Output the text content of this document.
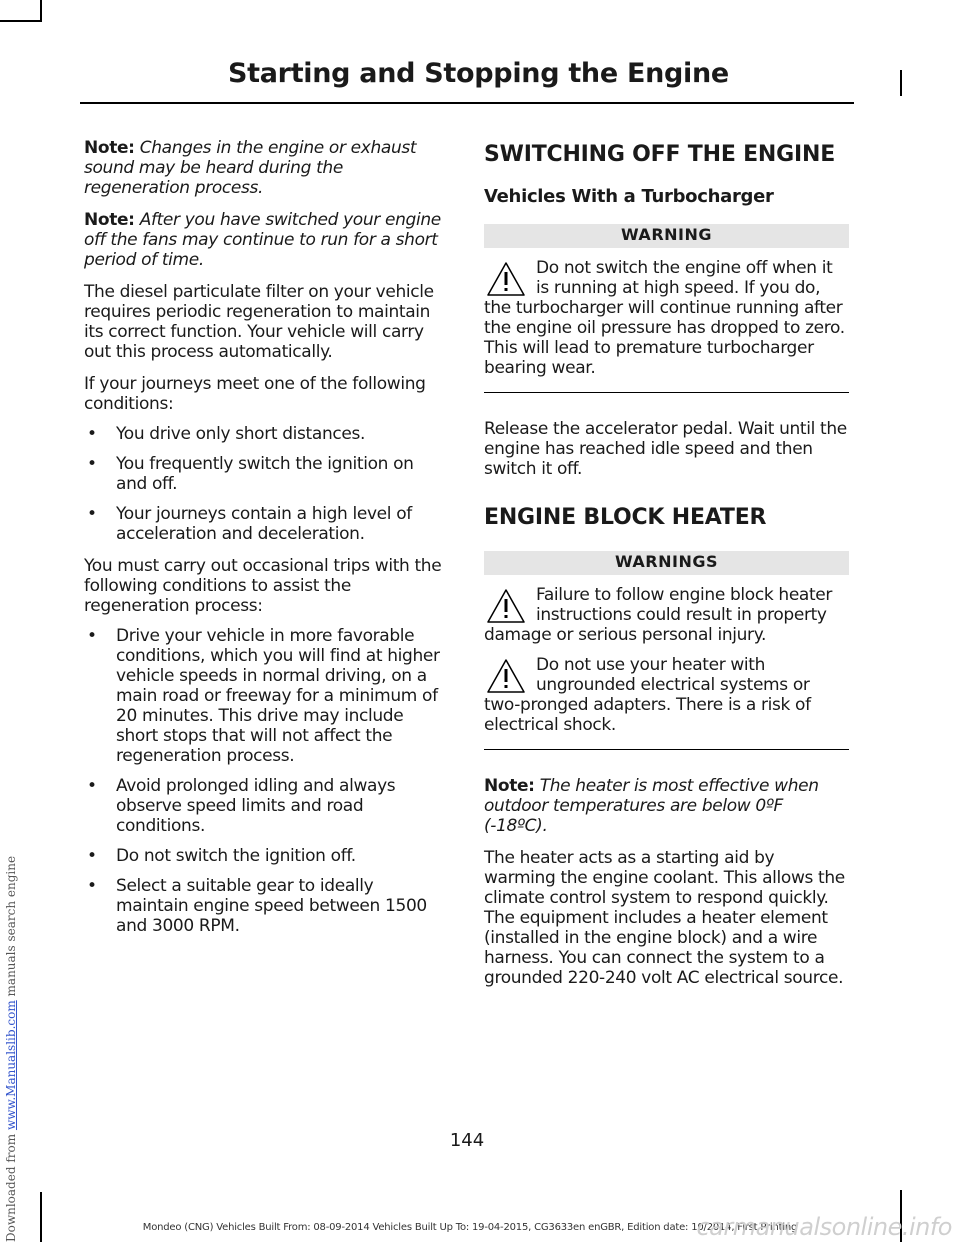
Starting and Stopping the Engine

Note: Changes in the engine or exhaust sound may be heard during the regeneration process.

Note: After you have switched your engine off the fans may continue to run for a short period of time.

The diesel particulate filter on your vehicle requires periodic regeneration to maintain its correct function. Your vehicle will carry out this process automatically.

If your journeys meet one of the following conditions:

• You drive only short distances.
• You frequently switch the ignition on and off.
• Your journeys contain a high level of acceleration and deceleration.

You must carry out occasional trips with the following conditions to assist the regeneration process:

• Drive your vehicle in more favorable conditions, which you will find at higher vehicle speeds in normal driving, on a main road or freeway for a minimum of 20 minutes. This drive may include short stops that will not affect the regeneration process.
• Avoid prolonged idling and always observe speed limits and road conditions.
• Do not switch the ignition off.
• Select a suitable gear to ideally maintain engine speed between 1500 and 3000 RPM.
SWITCHING OFF THE ENGINE
Vehicles With a Turbocharger
WARNING
Do not switch the engine off when it is running at high speed. If you do, the turbocharger will continue running after the engine oil pressure has dropped to zero. This will lead to premature turbocharger bearing wear.

Release the accelerator pedal. Wait until the engine has reached idle speed and then switch it off.

ENGINE BLOCK HEATER
WARNINGS
Failure to follow engine block heater instructions could result in property damage or serious personal injury.
Do not use your heater with ungrounded electrical systems or two-pronged adapters. There is a risk of electrical shock.

Note: The heater is most effective when outdoor temperatures are below 0ºF (-18ºC).

The heater acts as a starting aid by warming the engine coolant. This allows the climate control system to respond quickly. The equipment includes a heater element (installed in the engine block) and a wire harness. You can connect the system to a grounded 220-240 volt AC electrical source.

144
Mondeo (CNG) Vehicles Built From: 08-09-2014 Vehicles Built Up To: 19-04-2015, CG3633en enGBR, Edition date: 10/2014, First Printing
Downloaded from www.Manualslib.com manuals search engine
carmanualsonline.info
